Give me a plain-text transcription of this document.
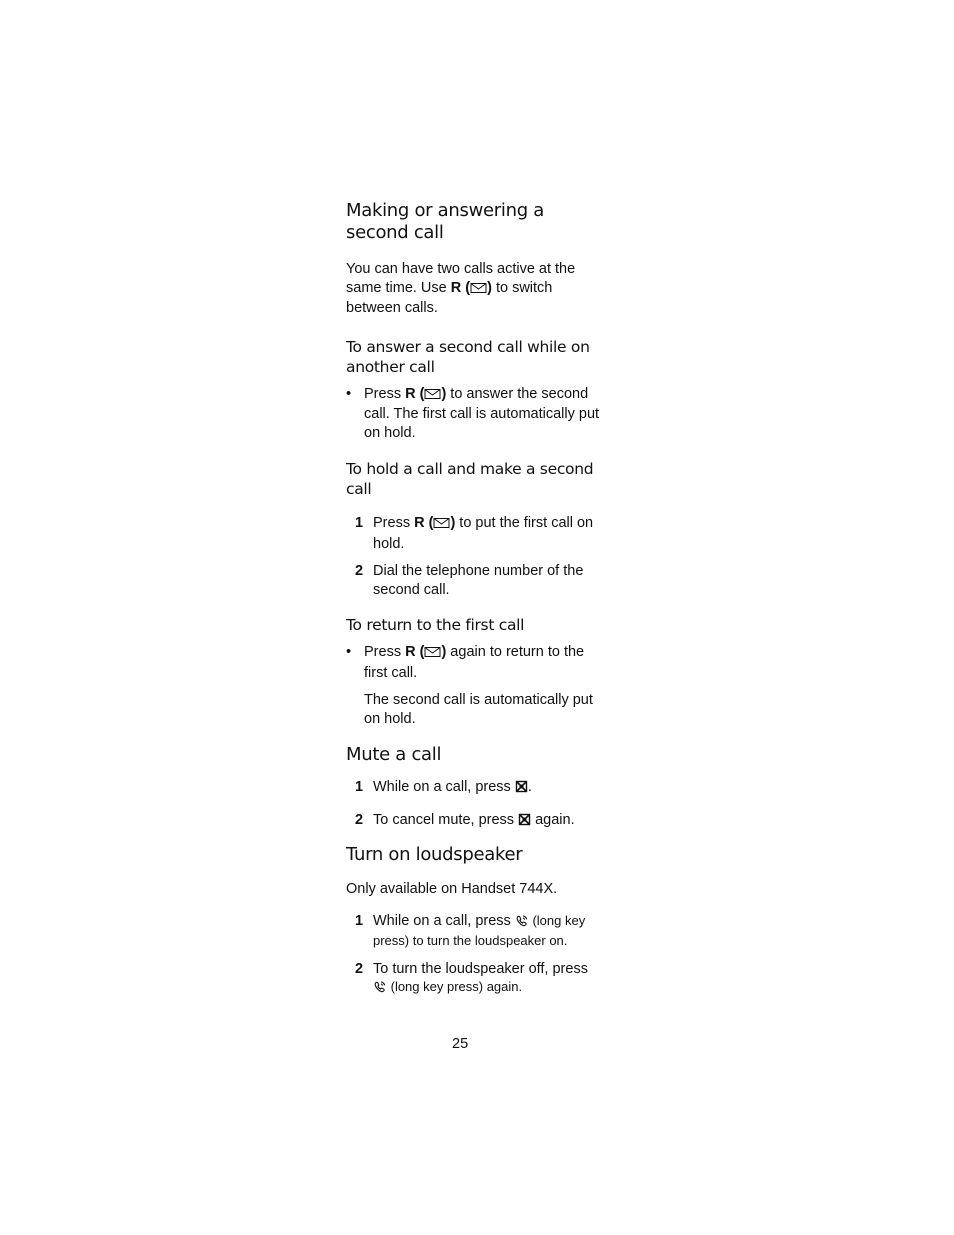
Making or answering a second call

You can have two calls active at the same time. Use R ( ) to switch between calls.

To answer a second call while on another call

• Press R ( ) to answer the second call. The first call is automatically put on hold.

To hold a call and make a second call

1 Press R ( ) to put the first call on hold.

2 Dial the telephone number of the second call.

To return to the first call

• Press R ( ) again to return to the first call.

The second call is automatically put on hold.

Mute a call

1 While on a call, press .

2 To cancel mute, press  again.

Turn on loudspeaker

Only available on Handset 744X.

1 While on a call, press  (long key press) to turn the loudspeaker on.

2 To turn the loudspeaker off, press
(long key press) again.

25
